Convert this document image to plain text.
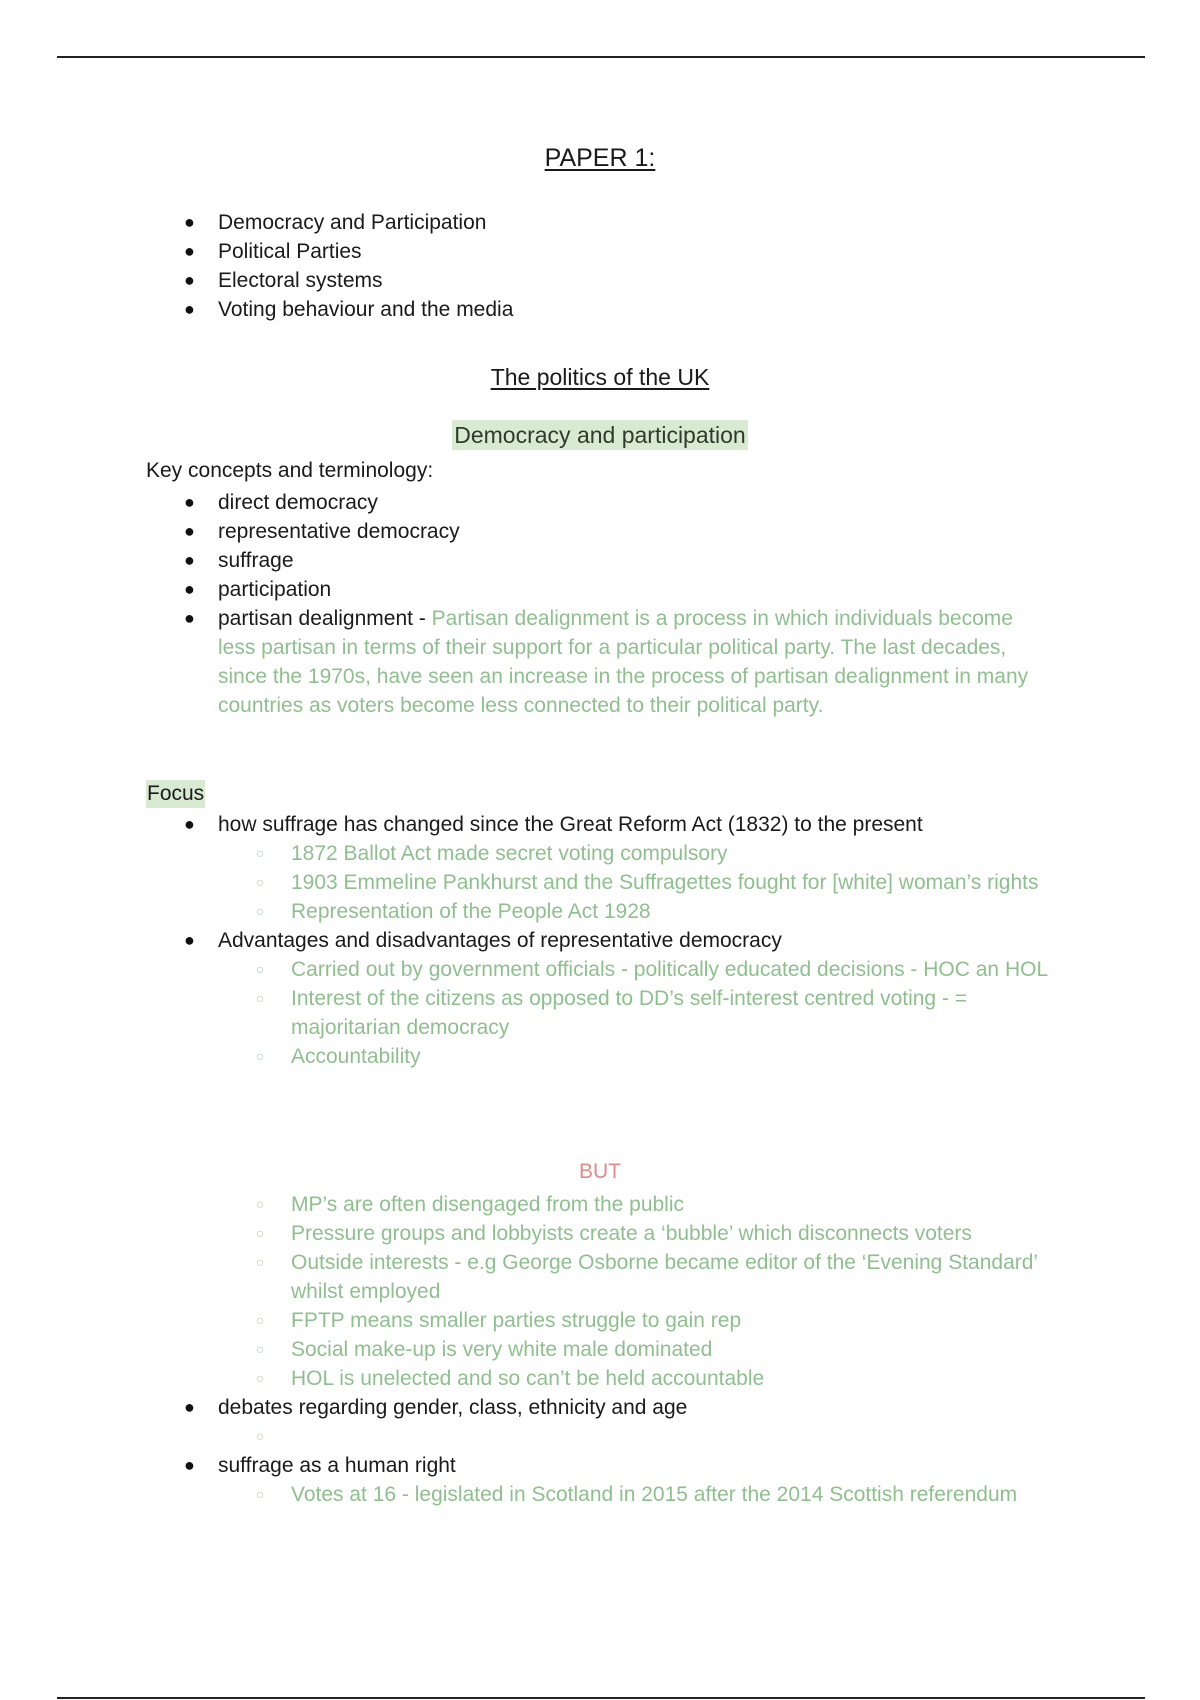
PAPER 1:
● Democracy and Participation
● Political Parties
● Electoral systems
● Voting behaviour and the media
The politics of the UK
Democracy and participation
Key concepts and terminology:
● direct democracy
● representative democracy
● suffrage
● participation
● partisan dealignment - Partisan dealignment is a process in which individuals become less partisan in terms of their support for a particular political party. The last decades, since the 1970s, have seen an increase in the process of partisan dealignment in many countries as voters become less connected to their political party.
Focus
● how suffrage has changed since the Great Reform Act (1832) to the present
○ 1872 Ballot Act made secret voting compulsory
○ 1903 Emmeline Pankhurst and the Suffragettes fought for [white] woman’s rights
○ Representation of the People Act 1928
● Advantages and disadvantages of representative democracy
○ Carried out by government officials - politically educated decisions - HOC an HOL
○ Interest of the citizens as opposed to DD’s self-interest centred voting - = majoritarian democracy
○ Accountability
BUT
○ MP’s are often disengaged from the public
○ Pressure groups and lobbyists create a ‘bubble’ which disconnects voters
○ Outside interests - e.g George Osborne became editor of the ‘Evening Standard’ whilst employed
○ FPTP means smaller parties struggle to gain rep
○ Social make-up is very white male dominated
○ HOL is unelected and so can’t be held accountable
● debates regarding gender, class, ethnicity and age
○

● suffrage as a human right
○ Votes at 16 - legislated in Scotland in 2015 after the 2014 Scottish referendum
